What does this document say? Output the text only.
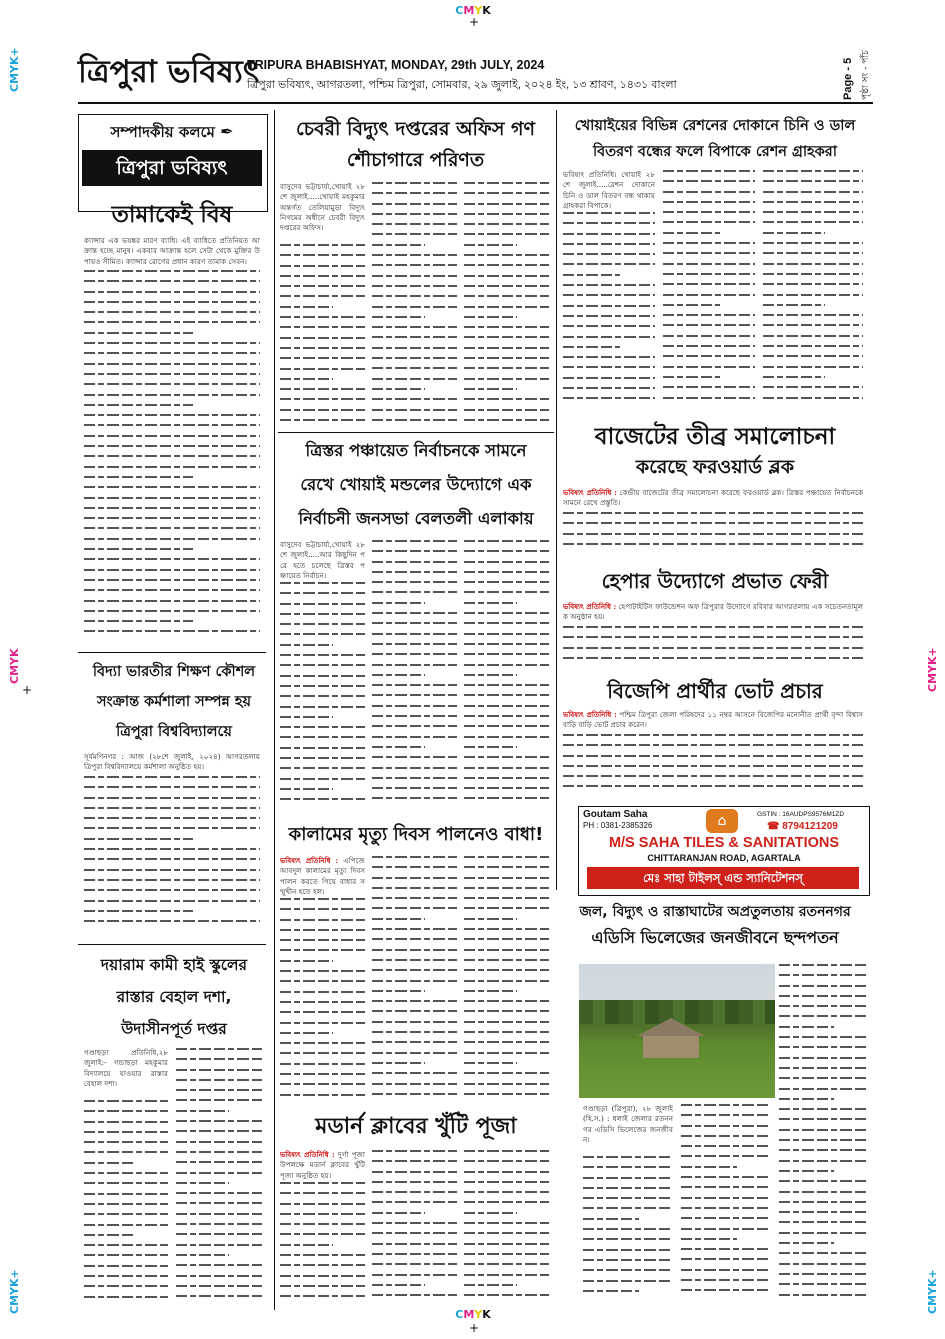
CMYK
+
CMYK
+
CMYK+
CMYK
+
CMYK+
CMYK+
CMYK+
ত্রিপুরা ভবিষ্যৎ
TRIPURA BHABISHYAT, MONDAY, 29th JULY, 2024
ত্রিপুরা ভবিষ্যৎ, আগরতলা, পশ্চিম ত্রিপুরা, সোমবার, ২৯ জুলাই, ২০২৪ ইং, ১৩ শ্রাবণ, ১৪৩১ বাংলা	Page - 5 পৃষ্ঠা সং - পাঁচ
সম্পাদকীয় কলমে ✒
ত্রিপুরা ভবিষ্যৎ
তামাকেই বিষ
ক্যান্সার এক ভয়ঙ্কর মারণ ব্যাধি। এই ব্যাধিতে প্রতিনিয়ত আক্রান্ত হচ্ছে মানুষ। একবার আক্রান্ত হলে সেটা থেকে মুক্তির উপায়ও সীমিত। ক্যান্সার রোগের প্রধান কারণ তামাক সেবন।
চেবরী বিদ্যুৎ দপ্তরের অফিস গণ শৌচাগারে পরিণত
বাসুদেব ভট্টাচার্য্য,খোয়াই ২৮শে জুলাই.....খোয়াই মহকুমার অন্তর্গত তেলিয়ামুড়া বিদ্যুৎ নিগমের অধীনে চেবরী বিদ্যুৎ দপ্তরের অফিস।
খোয়াইয়ের বিভিন্ন রেশনের দোকানে চিনি ও ডাল
বিতরণ বন্ধের ফলে বিপাকে রেশন গ্রাহকরা
ভবিষ্যৎ প্রতিনিধি। খোয়াই ২৮শে জুলাই.....রেশন দোকানে চিনি ও ডাল বিতরণ বন্ধ থাকায় গ্রাহকরা বিপাকে।
বাজেটের তীব্র সমালোচনা
করেছে ফরওয়ার্ড ব্লক
ভবিষ্যৎ প্রতিনিধি : কেন্দ্রীয় বাজেটের তীব্র সমালোচনা করেছে ফরওয়ার্ড ব্লক। ত্রিস্তর পঞ্চায়েত নির্বাচনকে সামনে রেখে প্রস্তুতি।
হেপার উদ্যোগে প্রভাত ফেরী
ভবিষ্যৎ প্রতিনিধি : হেপাটাইটিস ফাউন্ডেশন অফ ত্রিপুরার উদ্যোগে রবিবার আগরতলায় এক সচেতনতামূলক অনুষ্ঠান হয়।
বিজেপি প্রার্থীর ভোট প্রচার
ভবিষ্যৎ প্রতিনিধি : পশ্চিম ত্রিপুরা জেলা পরিষদের ১১ নম্বর আসনে বিজেপির মনোনীত প্রার্থী বৃন্দা বিশ্বাস বাড়ি বাড়ি ভোট প্রচার করেন।
Goutam Saha
PH : 0381-2385326
GSTIN : 16AUDPS9576M1ZD
☎ 8794121209
⌂
M/S SAHA TILES & SANITATIONS
CHITTARANJAN ROAD, AGARTALA
মেঃ সাহা টাইলস্ এন্ড স্যানিটেশনস্
জল, বিদ্যুৎ ও রাস্তাঘাটের অপ্রতুলতায় রতননগর
এডিসি ভিলেজের জনজীবনে ছন্দপতন
গণ্ডাছড়া (ত্রিপুরা), ২৮ জুলাই (হি.স.) : ধলাই জেলার রতননগর এডিসি ভিলেজের জনজীবন।
ত্রিস্তর পঞ্চায়েত নির্বাচনকে সামনে
রেখে খোয়াই মন্ডলের উদ্যোগে এক
নির্বাচনী জনসভা বেলতলী এলাকায়
বাসুদেব ভট্টাচার্য্য,খোয়াই ২৮শে জুলাই.....আর কিছুদিন পরে হতে চলেছে ত্রিস্তর পঞ্চায়েত নির্বাচন।
কালামের মৃত্যু দিবস পালনেও বাধা!
ভবিষ্যৎ প্রতিনিধি : এপিজে আবদুল কালামের মৃত্যু দিবস পালন করতে গিয়ে বাধার সম্মুখীন হতে হল।
মডার্ন ক্লাবের খুঁটি পূজা
ভবিষ্যৎ প্রতিনিধি : দুর্গা পূজা উপলক্ষে মডার্ন ক্লাবের খুঁটি পূজা অনুষ্ঠিত হয়।
বিদ্যা ভারতীর শিক্ষণ কৌশল
সংক্রান্ত কর্মশালা সম্পন্ন হয়
ত্রিপুরা বিশ্ববিদ্যালয়ে
সূর্যমণিনগর : আজ (২৮শে জুলাই, ২০২৪) আগরতলায় ত্রিপুরা বিশ্ববিদ্যালয়ে কর্মশালা অনুষ্ঠিত হয়।
দয়ারাম কামী হাই স্কুলের
রাস্তার বেহাল দশা,
উদাসীনপূর্ত দপ্তর
গণ্ডাছড়া প্রতিনিধি,২৮ জুলাই:- গন্ডাছড়া মহকুমার বিদ্যালয়ে যাওয়ার রাস্তার বেহাল দশা।
